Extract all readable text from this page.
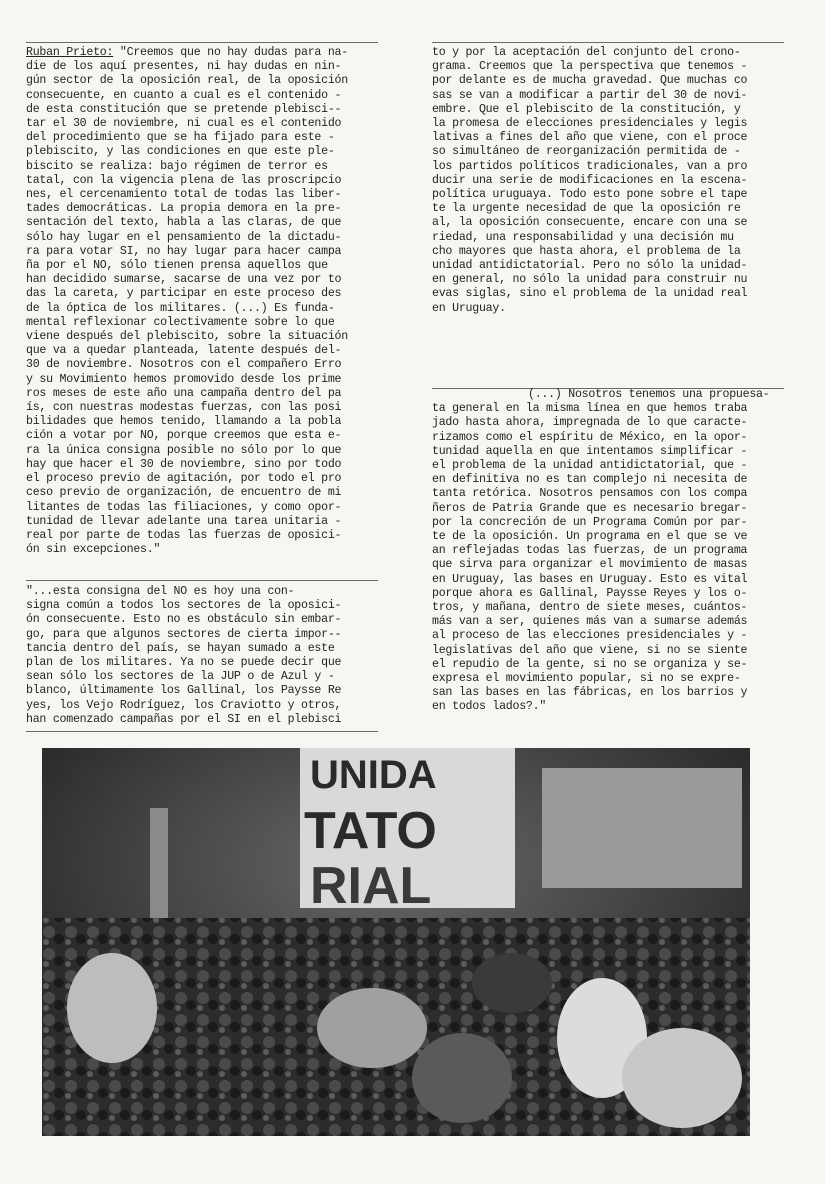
Ruban Prieto: "Creemos que no hay dudas para na-
die de los aquí presentes, ni hay dudas en nin-
gún sector de la oposición real, de la oposición
consecuente, en cuanto a cual es el contenido -
de esta constitución que se pretende plebisci--
tar el 30 de noviembre, ni cual es el contenido
del procedimiento que se ha fijado para este -
plebiscito, y las condiciones en que este ple-
biscito se realiza: bajo régimen de terror es
tatal, con la vigencia plena de las proscripcio
nes, el cercenamiento total de todas las liber-
tades democráticas. La propia demora en la pre-
sentación del texto, habla a las claras, de que
sólo hay lugar en el pensamiento de la dictadu-
ra para votar SI, no hay lugar para hacer campa
ña por el NO, sólo tienen prensa aquellos que
han decidido sumarse, sacarse de una vez por to
das la careta, y participar en este proceso des
de la óptica de los militares. (...) Es funda-
mental reflexionar colectivamente sobre lo que
viene después del plebiscito, sobre la situación
que va a quedar planteada, latente después del-
30 de noviembre. Nosotros con el compañero Erro
y su Movimiento hemos promovido desde los prime
ros meses de este año una campaña dentro del pa
ís, con nuestras modestas fuerzas, con las posi
bilidades que hemos tenido, llamando a la pobla
ción a votar por NO, porque creemos que esta e-
ra la única consigna posible no sólo por lo que
hay que hacer el 30 de noviembre, sino por todo
el proceso previo de agitación, por todo el pro
ceso previo de organización, de encuentro de mi
litantes de todas las filiaciones, y como opor-
tunidad de llevar adelante una tarea unitaria -
real por parte de todas las fuerzas de oposici-
ón sin excepciones."

"...esta consigna del NO es hoy una con-
signa común a todos los sectores de la oposici-
ón consecuente. Esto no es obstáculo sin embar-
go, para que algunos sectores de cierta impor--
tancia dentro del país, se hayan sumado a este
plan de los militares. Ya no se puede decir que
sean sólo los sectores de la JUP o de Azul y -
blanco, últimamente los Gallinal, los Paysse Re
yes, los Vejo Rodríguez, los Craviotto y otros,
han comenzado campañas por el SI en el plebisci

to y por la aceptación del conjunto del crono-
grama. Creemos que la perspectiva que tenemos -
por delante es de mucha gravedad. Que muchas co
sas se van a modificar a partir del 30 de novi-
embre. Que el plebiscito de la constitución, y
la promesa de elecciones presidenciales y legis
lativas a fines del año que viene, con el proce
so simultáneo de reorganización permitida de -
los partidos políticos tradicionales, van a pro
ducir una serie de modificaciones en la escena-
política uruguaya. Todo esto pone sobre el tape
te la urgente necesidad de que la oposición re
al, la oposición consecuente, encare con una se
riedad, una responsabilidad y una decisión mu
cho mayores que hasta ahora, el problema de la
unidad antidictatorial. Pero no sólo la unidad-
en general, no sólo la unidad para construir nu
evas siglas, sino el problema de la unidad real
en Uruguay.

(...) Nosotros tenemos una propuesa-
ta general en la misma línea en que hemos traba
jado hasta ahora, impregnada de lo que caracte-
rizamos como el espíritu de México, en la opor-
tunidad aquella en que intentamos simplificar -
el problema de la unidad antidictatorial, que -
en definitiva no es tan complejo ni necesita de
tanta retórica. Nosotros pensamos con los compa
ñeros de Patria Grande que es necesario bregar-
por la concreción de un Programa Común por par-
te de la oposición. Un programa en el que se ve
an reflejadas todas las fuerzas, de un programa
que sirva para organizar el movimiento de masas
en Uruguay, las bases en Uruguay. Esto es vital
porque ahora es Gallinal, Paysse Reyes y los o-
tros, y mañana, dentro de siete meses, cuántos-
más van a ser, quienes más van a sumarse además
al proceso de las elecciones presidenciales y -
legislativas del año que viene, si no se siente
el repudio de la gente, si no se organiza y se-
expresa el movimiento popular, si no se expre-
san las bases en las fábricas, en los barrios y
en todos lados?."

UNIDA
TATO
RIAL
